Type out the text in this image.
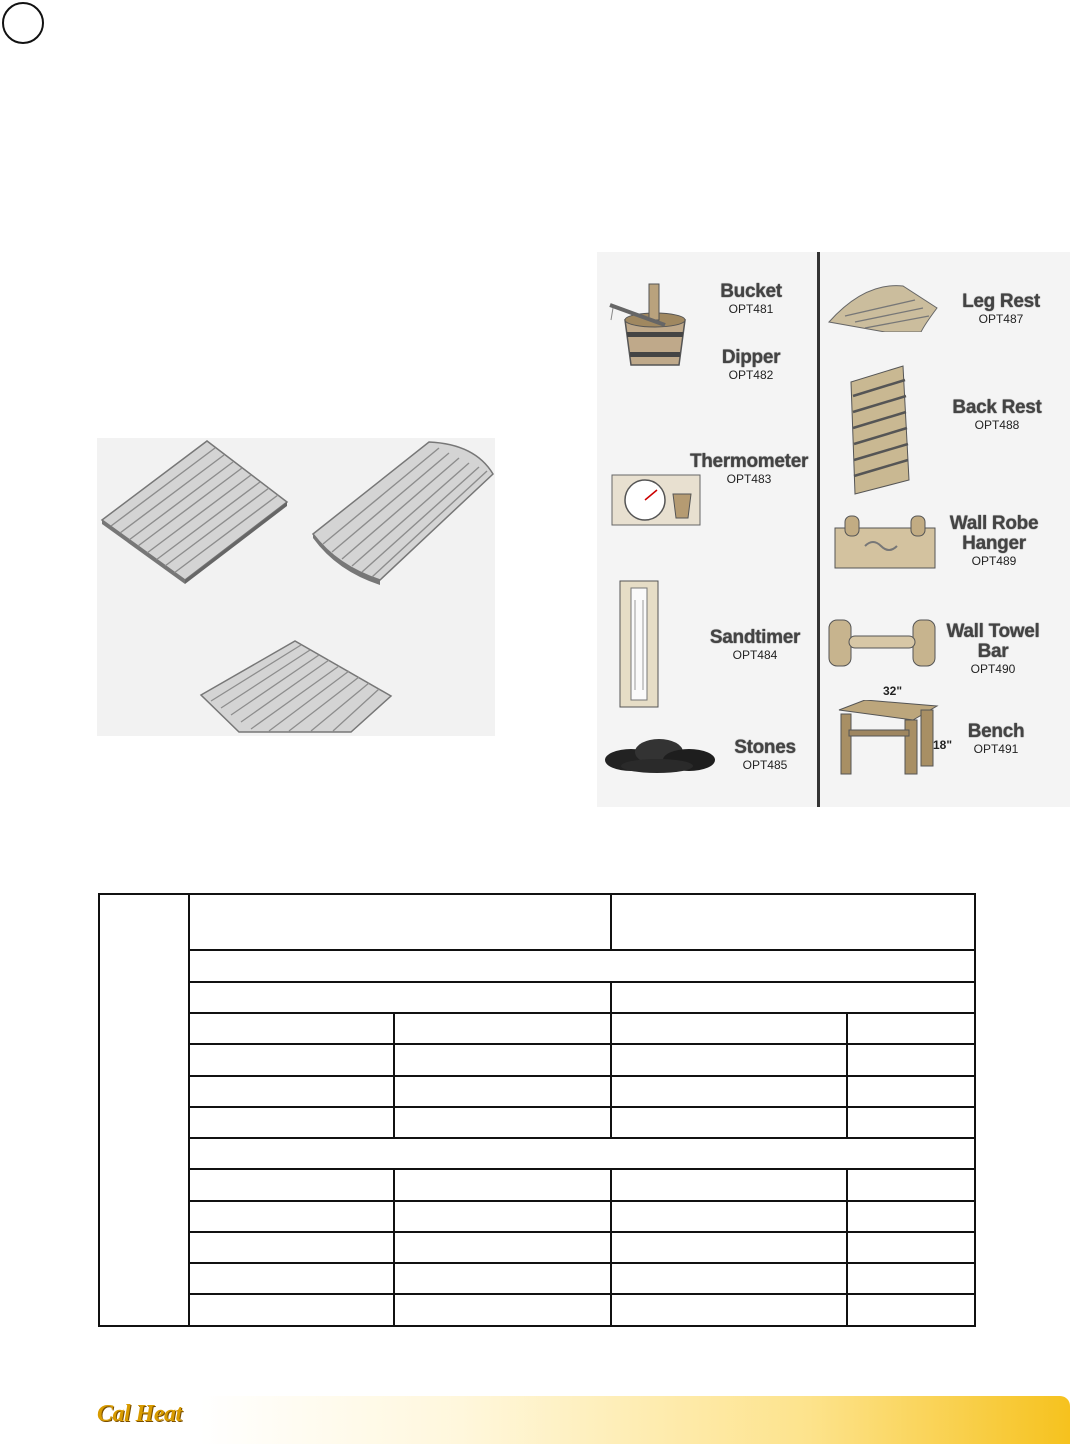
Bucket
OPT481
Dipper
OPT482
Thermometer
OPT483
Sandtimer
OPT484
Stones
OPT485
Leg Rest
OPT487
Back Rest
OPT488
Wall Robe
Hanger
OPT489
Wall Towel
Bar
OPT490
32"
18"
Bench
OPT491
Cal Heat
